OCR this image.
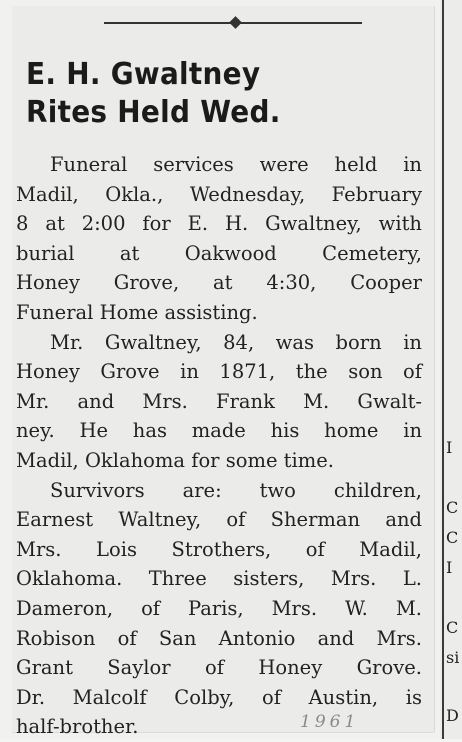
E. H. Gwaltney
Rites Held Wed.
Funeral services were held in
Madil, Okla., Wednesday, February
8 at 2:00 for E. H. Gwaltney, with
burial at Oakwood Cemetery,
Honey Grove, at 4:30, Cooper
Funeral Home assisting.
Mr. Gwaltney, 84, was born in
Honey Grove in 1871, the son of
Mr. and Mrs. Frank M. Gwalt-
ney. He has made his home in
Madil, Oklahoma for some time.
Survivors are: two children,
Earnest Waltney, of Sherman and
Mrs. Lois Strothers, of Madil,
Oklahoma. Three sisters, Mrs. L.
Dameron, of Paris, Mrs. W. M.
Robison of San Antonio and Mrs.
Grant Saylor of Honey Grove.
Dr. Malcolf Colby, of Austin, is
half-brother.	1961
I
C
C
I
C
si
D
